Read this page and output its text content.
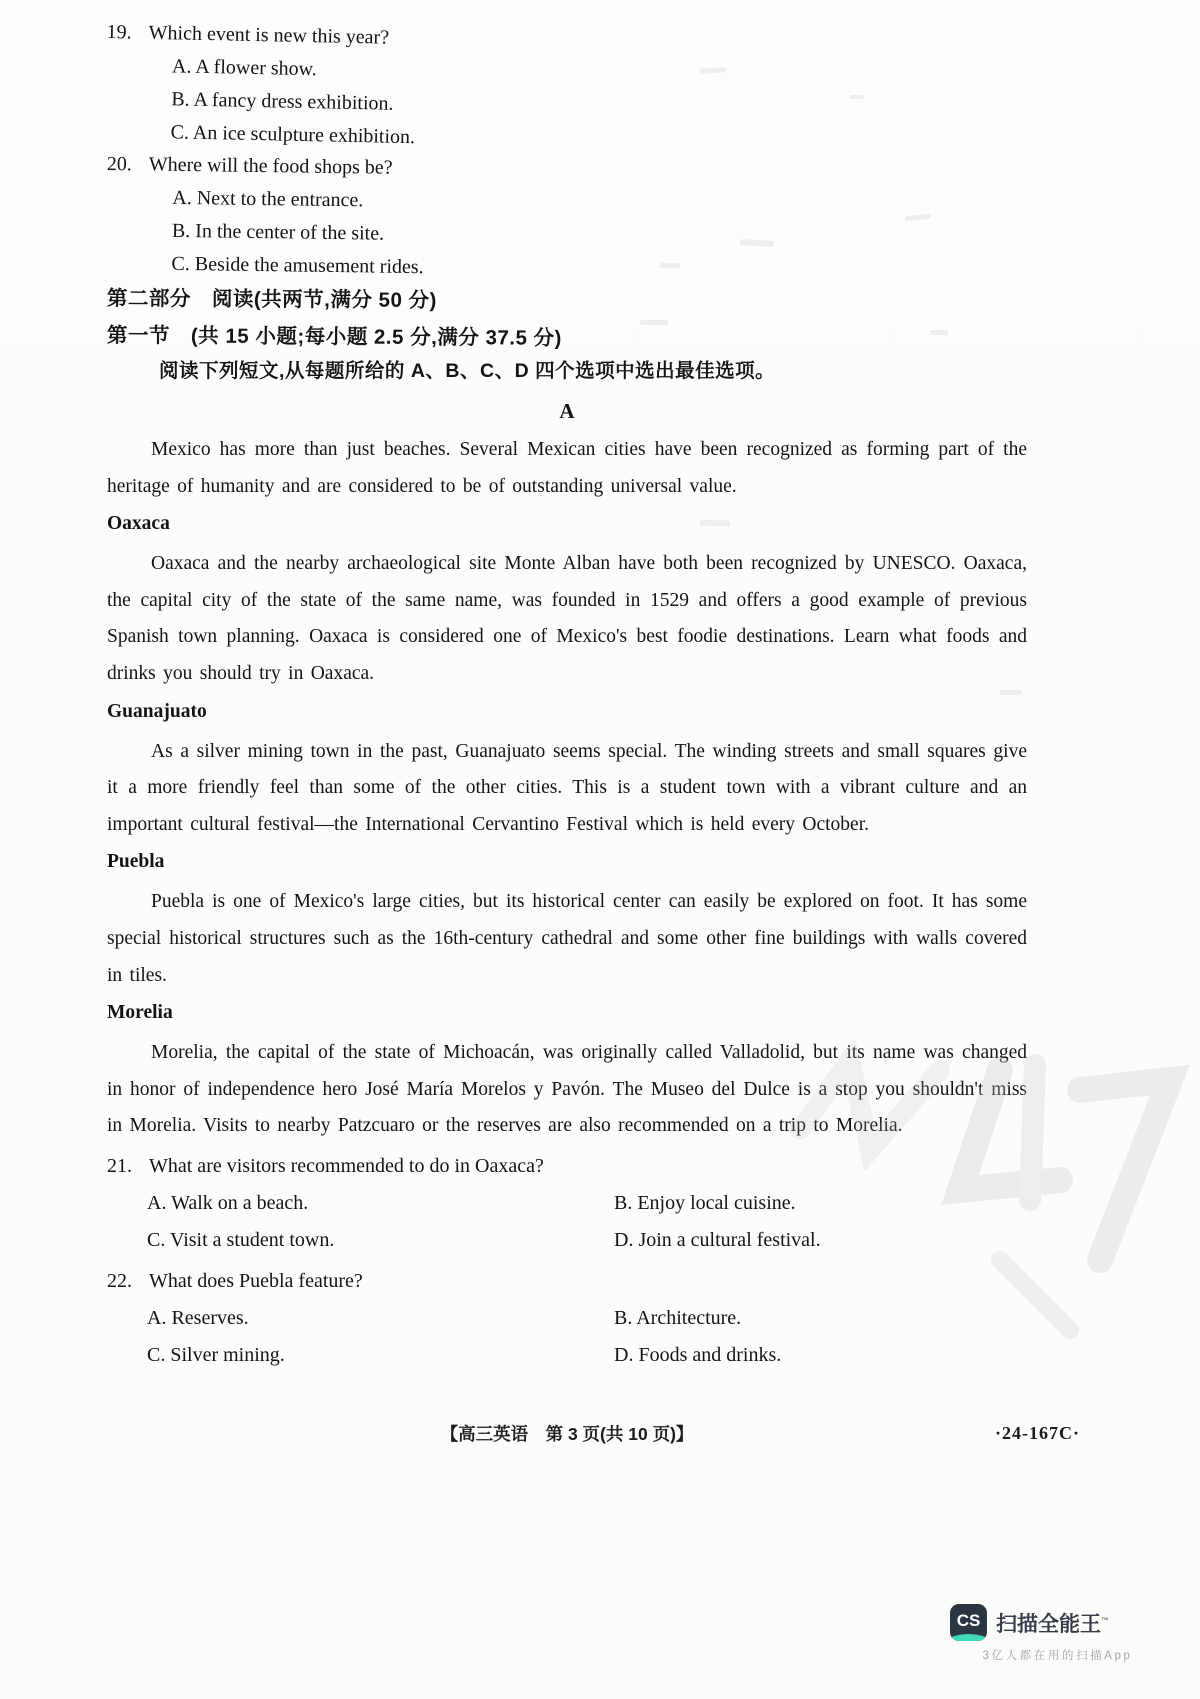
19. Which event is new this year?
A. A flower show.
B. A fancy dress exhibition.
C. An ice sculpture exhibition.
20. Where will the food shops be?
A. Next to the entrance.
B. In the center of the site.
C. Beside the amusement rides.
第二部分　阅读(共两节,满分 50 分)
第一节　(共 15 小题;每小题 2.5 分,满分 37.5 分)
阅读下列短文,从每题所给的 A、B、C、D 四个选项中选出最佳选项。
A

Mexico has more than just beaches. Several Mexican cities have been recognized as forming part of the heritage of humanity and are considered to be of outstanding universal value.

Oaxaca

Oaxaca and the nearby archaeological site Monte Alban have both been recognized by UNESCO. Oaxaca, the capital city of the state of the same name, was founded in 1529 and offers a good example of previous Spanish town planning. Oaxaca is considered one of Mexico's best foodie destinations. Learn what foods and drinks you should try in Oaxaca.

Guanajuato

As a silver mining town in the past, Guanajuato seems special. The winding streets and small squares give it a more friendly feel than some of the other cities. This is a student town with a vibrant culture and an important cultural festival—the International Cervantino Festival which is held every October.

Puebla

Puebla is one of Mexico's large cities, but its historical center can easily be explored on foot. It has some special historical structures such as the 16th-century cathedral and some other fine buildings with walls covered in tiles.

Morelia

Morelia, the capital of the state of Michoacán, was originally called Valladolid, but its name was changed in honor of independence hero José María Morelos y Pavón. The Museo del Dulce is a stop you shouldn't miss in Morelia. Visits to nearby Patzcuaro or the reserves are also recommended on a trip to Morelia.

21. What are visitors recommended to do in Oaxaca?
A. Walk on a beach.	B. Enjoy local cuisine.
C. Visit a student town.	D. Join a cultural festival.
22. What does Puebla feature?
A. Reserves.	B. Architecture.
C. Silver mining.	D. Foods and drinks.
【高三英语　第 3 页(共 10 页)】	·24-167C·
CS 扫描全能王™
3亿人都在用的扫描App
